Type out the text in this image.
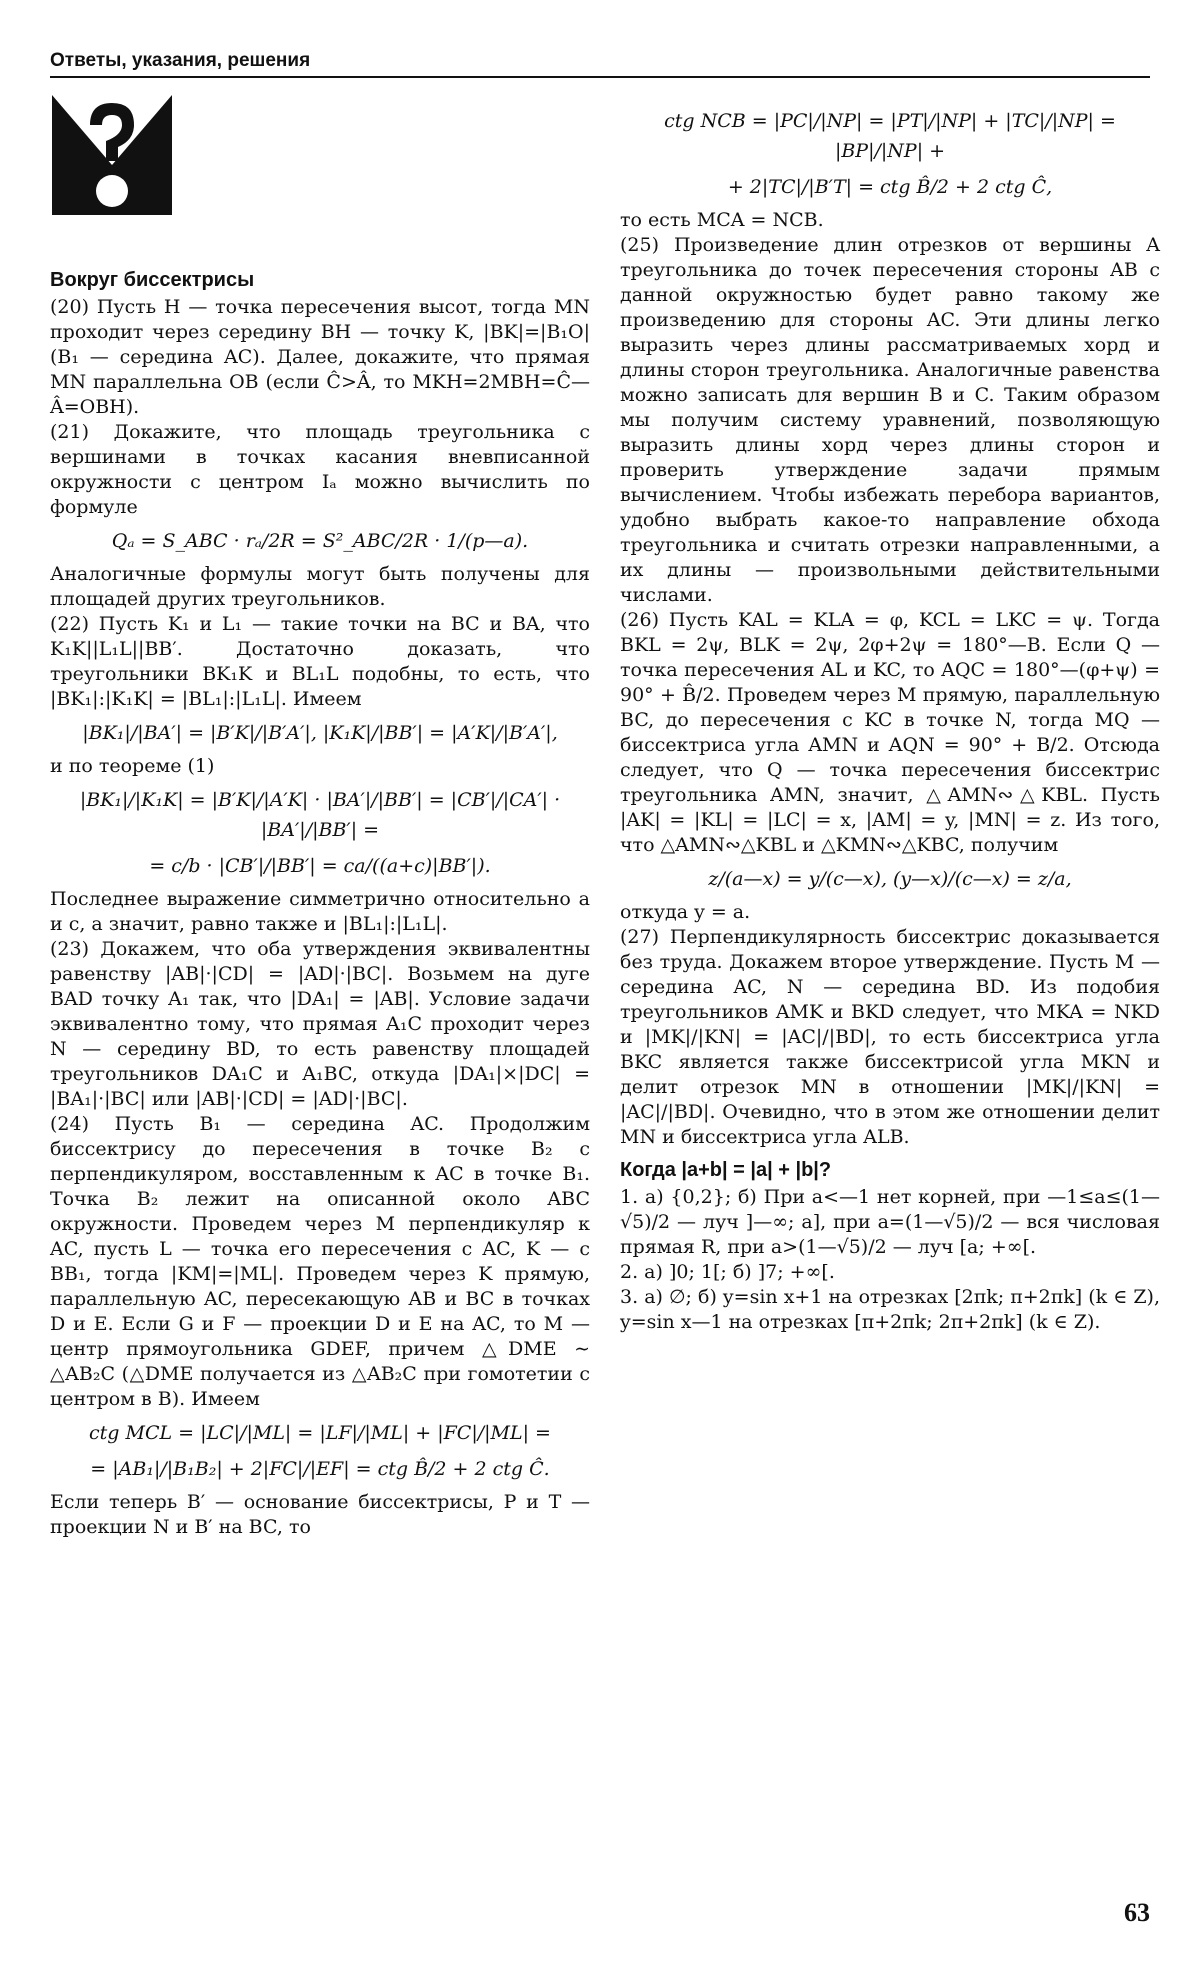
Ответы, указания, решения
Вокруг биссектрисы

(20) Пусть H — точка пересечения высот, тогда MN проходит через середину BH — точку K, |BK|=|B₁O| (B₁ — середина AC). Далее, докажите, что прямая MN параллельна OB (если Ĉ>Â, то MKH=2MBH=Ĉ—Â=OBH).

(21) Докажите, что площадь треугольника с вершинами в точках касания вневписанной окружности с центром Iₐ можно вычислить по формуле

Qₐ = S_ABC · rₐ/2R = S²_ABC/2R · 1/(p—a).

Аналогичные формулы могут быть получены для площадей других треугольников.

(22) Пусть K₁ и L₁ — такие точки на BC и BA, что K₁K||L₁L||BB′. Достаточно доказать, что треугольники BK₁K и BL₁L подобны, то есть, что |BK₁|:|K₁K| = |BL₁|:|L₁L|. Имеем

|BK₁|/|BA′| = |B′K|/|B′A′|, |K₁K|/|BB′| = |A′K|/|B′A′|,

и по теореме (1)

|BK₁|/|K₁K| = |B′K|/|A′K| · |BA′|/|BB′| = |CB′|/|CA′| · |BA′|/|BB′| =
= c/b · |CB′|/|BB′| = ca/((a+c)|BB′|).

Последнее выражение симметрично относительно a и c, а значит, равно также и |BL₁|:|L₁L|.

(23) Докажем, что оба утверждения эквивалентны равенству |AB|·|CD| = |AD|·|BC|. Возьмем на дуге BAD точку A₁ так, что |DA₁| = |AB|. Условие задачи эквивалентно тому, что прямая A₁C проходит через N — середину BD, то есть равенству площадей треугольников DA₁C и A₁BC, откуда |DA₁|×|DC| = |BA₁|·|BC| или |AB|·|CD| = |AD|·|BC|.

(24) Пусть B₁ — середина AC. Продолжим биссектрису до пересечения в точке B₂ с перпендикуляром, восставленным к AC в точке B₁. Точка B₂ лежит на описанной около ABC окружности. Проведем через M перпендикуляр к AC, пусть L — точка его пересечения с AC, K — с BB₁, тогда |KM|=|ML|. Проведем через K прямую, параллельную AC, пересекающую AB и BC в точках D и E. Если G и F — проекции D и E на AC, то M — центр прямоугольника GDEF, причем △DME ∼ △AB₂C (△DME получается из △AB₂C при гомотетии с центром в B). Имеем

ctg MCL = |LC|/|ML| = |LF|/|ML| + |FC|/|ML| =
= |AB₁|/|B₁B₂| + 2|FC|/|EF| = ctg B̂/2 + 2 ctg Ĉ.

Если теперь B′ — основание биссектрисы, P и T — проекции N и B′ на BC, то

ctg NCB = |PC|/|NP| = |PT|/|NP| + |TC|/|NP| = |BP|/|NP| +
+ 2|TC|/|B′T| = ctg B̂/2 + 2 ctg Ĉ,

то есть MCA = NCB.

(25) Произведение длин отрезков от вершины A треугольника до точек пересечения стороны AB с данной окружностью будет равно такому же произведению для стороны AC. Эти длины легко выразить через длины рассматриваемых хорд и длины сторон треугольника. Аналогичные равенства можно записать для вершин B и C. Таким образом мы получим систему уравнений, позволяющую выразить длины хорд через длины сторон и проверить утверждение задачи прямым вычислением. Чтобы избежать перебора вариантов, удобно выбрать какое-то направление обхода треугольника и считать отрезки направленными, а их длины — произвольными действительными числами.

(26) Пусть KAL = KLA = φ, KCL = LKC = ψ. Тогда BKL = 2ψ, BLK = 2ψ, 2φ+2ψ = 180°—B. Если Q — точка пересечения AL и KC, то AQC = 180°—(φ+ψ) = 90° + B̂/2. Проведем через M прямую, параллельную BC, до пересечения с KC в точке N, тогда MQ — биссектриса угла AMN и AQN = 90° + B/2. Отсюда следует, что Q — точка пересечения биссектрис треугольника AMN, значит, △AMN∾△KBL. Пусть |AK| = |KL| = |LC| = x, |AM| = y, |MN| = z. Из того, что △AMN∾△KBL и △KMN∾△KBC, получим

z/(a—x) = y/(c—x), (y—x)/(c—x) = z/a,

откуда y = a.

(27) Перпендикулярность биссектрис доказывается без труда. Докажем второе утверждение. Пусть M — середина AC, N — середина BD. Из подобия треугольников AMK и BKD следует, что MKA = NKD и |MK|/|KN| = |AC|/|BD|, то есть биссектриса угла BKC является также биссектрисой угла MKN и делит отрезок MN в отношении |MK|/|KN| = |AC|/|BD|. Очевидно, что в этом же отношении делит MN и биссектриса угла ALB.

Когда |a+b| = |a| + |b|?

1. а) {0,2}; б) При a<—1 нет корней, при —1≤a≤(1—√5)/2 — луч ]—∞; a], при a=(1—√5)/2 — вся числовая прямая R, при a>(1—√5)/2 — луч [a; +∞[.

2. а) ]0; 1[; б) ]7; +∞[.

3. а) ∅; б) y=sin x+1 на отрезках [2πk; π+2πk] (k ∈ Z), y=sin x—1 на отрезках [π+2πk; 2π+2πk] (k ∈ Z).

63
